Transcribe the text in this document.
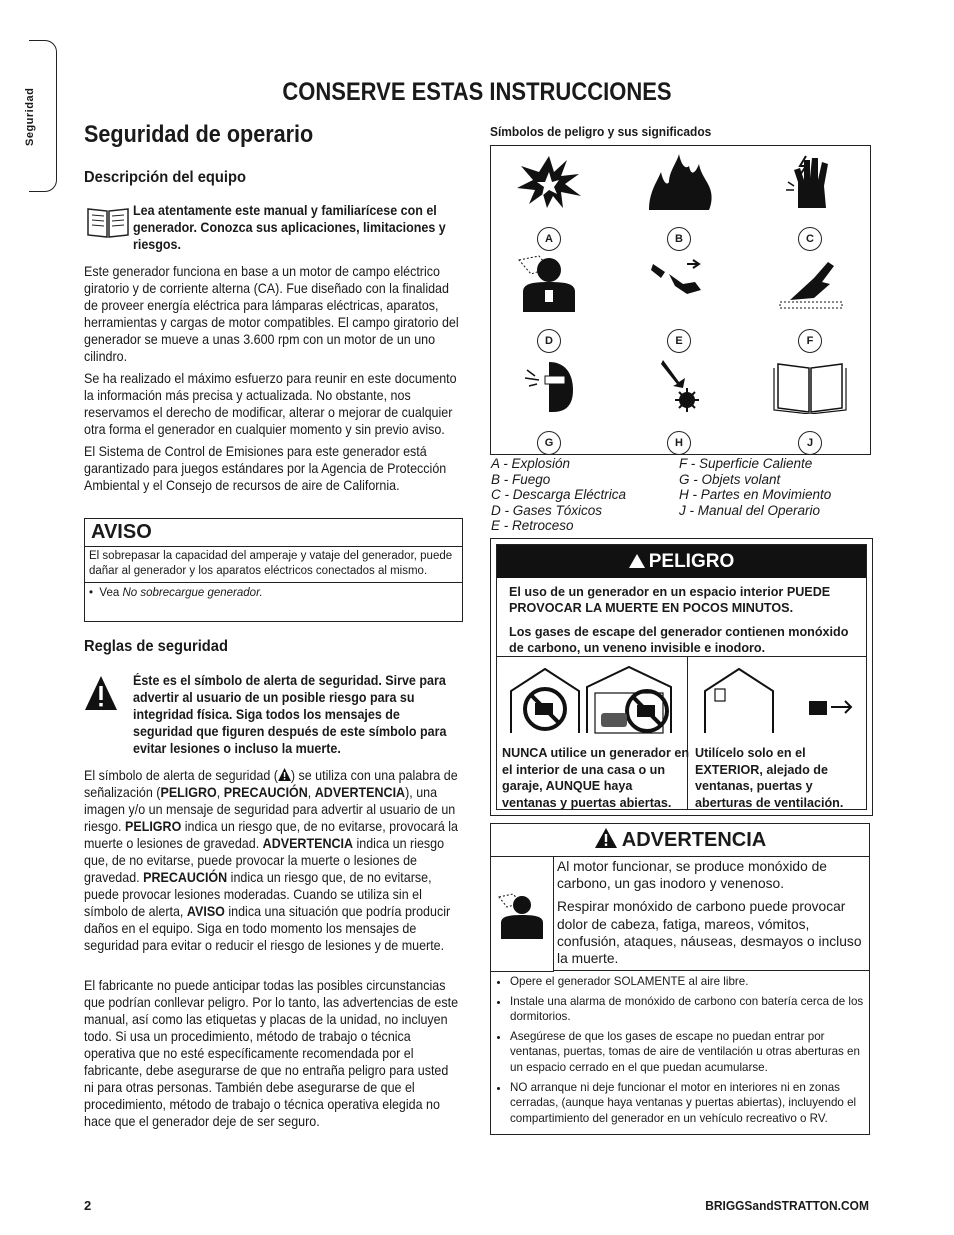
Seguridad	CONSERVE ESTAS INSTRUCCIONES
Seguridad de operario
Descripción del equipo
Lea atentamente este manual y familiarícese con el generador. Conozca sus aplicaciones, limitaciones y riesgos.

Este generador funciona en base a un motor de campo eléctrico giratorio y de corriente alterna (CA). Fue diseñado con la finalidad de proveer energía eléctrica para lámparas eléctricas, aparatos, herramientas y cargas de motor compatibles. El campo giratorio del generador se mueve a unas 3.600 rpm con un motor de un uno cilindro.

Se ha realizado el máximo esfuerzo para reunir en este documento la información más precisa y actualizada. No obstante, nos reservamos el derecho de modificar, alterar o mejorar de cualquier otra forma el generador en cualquier momento y sin previo aviso.

El Sistema de Control de Emisiones para este generador está garantizado para juegos estándares por la Agencia de Protección Ambiental y el Consejo de recursos de aire de California.

AVISO
El sobrepasar la capacidad del amperaje y vataje del generador, puede dañar al generador y los aparatos eléctricos conectados al mismo.
•  Vea No sobrecargue generador.
Reglas de seguridad
Éste es el símbolo de alerta de seguridad. Sirve para advertir al usuario de un posible riesgo para su integridad física. Siga todos los mensajes de seguridad que figuren después de este símbolo para evitar lesiones o incluso la muerte.
El símbolo de alerta de seguridad ( ) se utiliza con una palabra de señalización (PELIGRO, PRECAUCIÓN, ADVERTENCIA), una imagen y/o un mensaje de seguridad para advertir al usuario de un riesgo. PELIGRO indica un riesgo que, de no evitarse, provocará la muerte o lesiones de gravedad. ADVERTENCIA indica un riesgo que, de no evitarse, puede provocar la muerte o lesiones de gravedad. PRECAUCIÓN indica un riesgo que, de no evitarse, puede provocar lesiones moderadas. Cuando se utiliza sin el símbolo de alerta, AVISO indica una situación que podría producir daños en el equipo. Siga en todo momento los mensajes de seguridad para evitar o reducir el riesgo de lesiones y de muerte.
El fabricante no puede anticipar todas las posibles circunstancias que podrían conllevar peligro. Por lo tanto, las advertencias de este manual, así como las etiquetas y placas de la unidad, no incluyen todo. Si usa un procedimiento, método de trabajo o técnica operativa que no esté específicamente recomendada por el fabricante, debe asegurarse de que no entraña peligro para usted ni para otras personas. También debe asegurarse de que el procedimiento, método de trabajo o técnica operativa elegida no hace que el generador deje de ser seguro.
Símbolos de peligro y sus significados
A	B	C
D	E	F
G	H	J
A - Explosión
B - Fuego
C - Descarga Eléctrica
D - Gases Tóxicos
E - Retroceso
F - Superficie Caliente
G - Objets volant
H - Partes en Movimiento
J - Manual del Operario
PELIGRO
El uso de un generador en un espacio interior PUEDE PROVOCAR LA MUERTE EN POCOS MINUTOS.
Los gases de escape del generador contienen monóxido de carbono, un veneno invisible e inodoro.
NUNCA utilice un generador en el interior de una casa o un garaje, AUNQUE haya ventanas y puertas abiertas.
Utilícelo solo en el EXTERIOR, alejado de ventanas, puertas y aberturas de ventilación.
ADVERTENCIA
Al motor funcionar, se produce monóxido de carbono, un gas inodoro y venenoso.
Respirar monóxido de carbono puede provocar dolor de cabeza, fatiga, mareos, vómitos, confusión, ataques, náuseas, desmayos o incluso la muerte.
• Opere el generador SOLAMENTE al aire libre.
• Instale una alarma de monóxido de carbono con batería cerca de los dormitorios.
• Asegúrese de que los gases de escape no puedan entrar por ventanas, puertas, tomas de aire de ventilación u otras aberturas en un espacio cerrado en el que puedan acumularse.
• NO arranque ni deje funcionar el motor en interiores ni en zonas cerradas, (aunque haya ventanas y puertas abiertas), incluyendo el compartimiento del generador en un vehículo recreativo o RV.
2	BRIGGSandSTRATTON.COM
